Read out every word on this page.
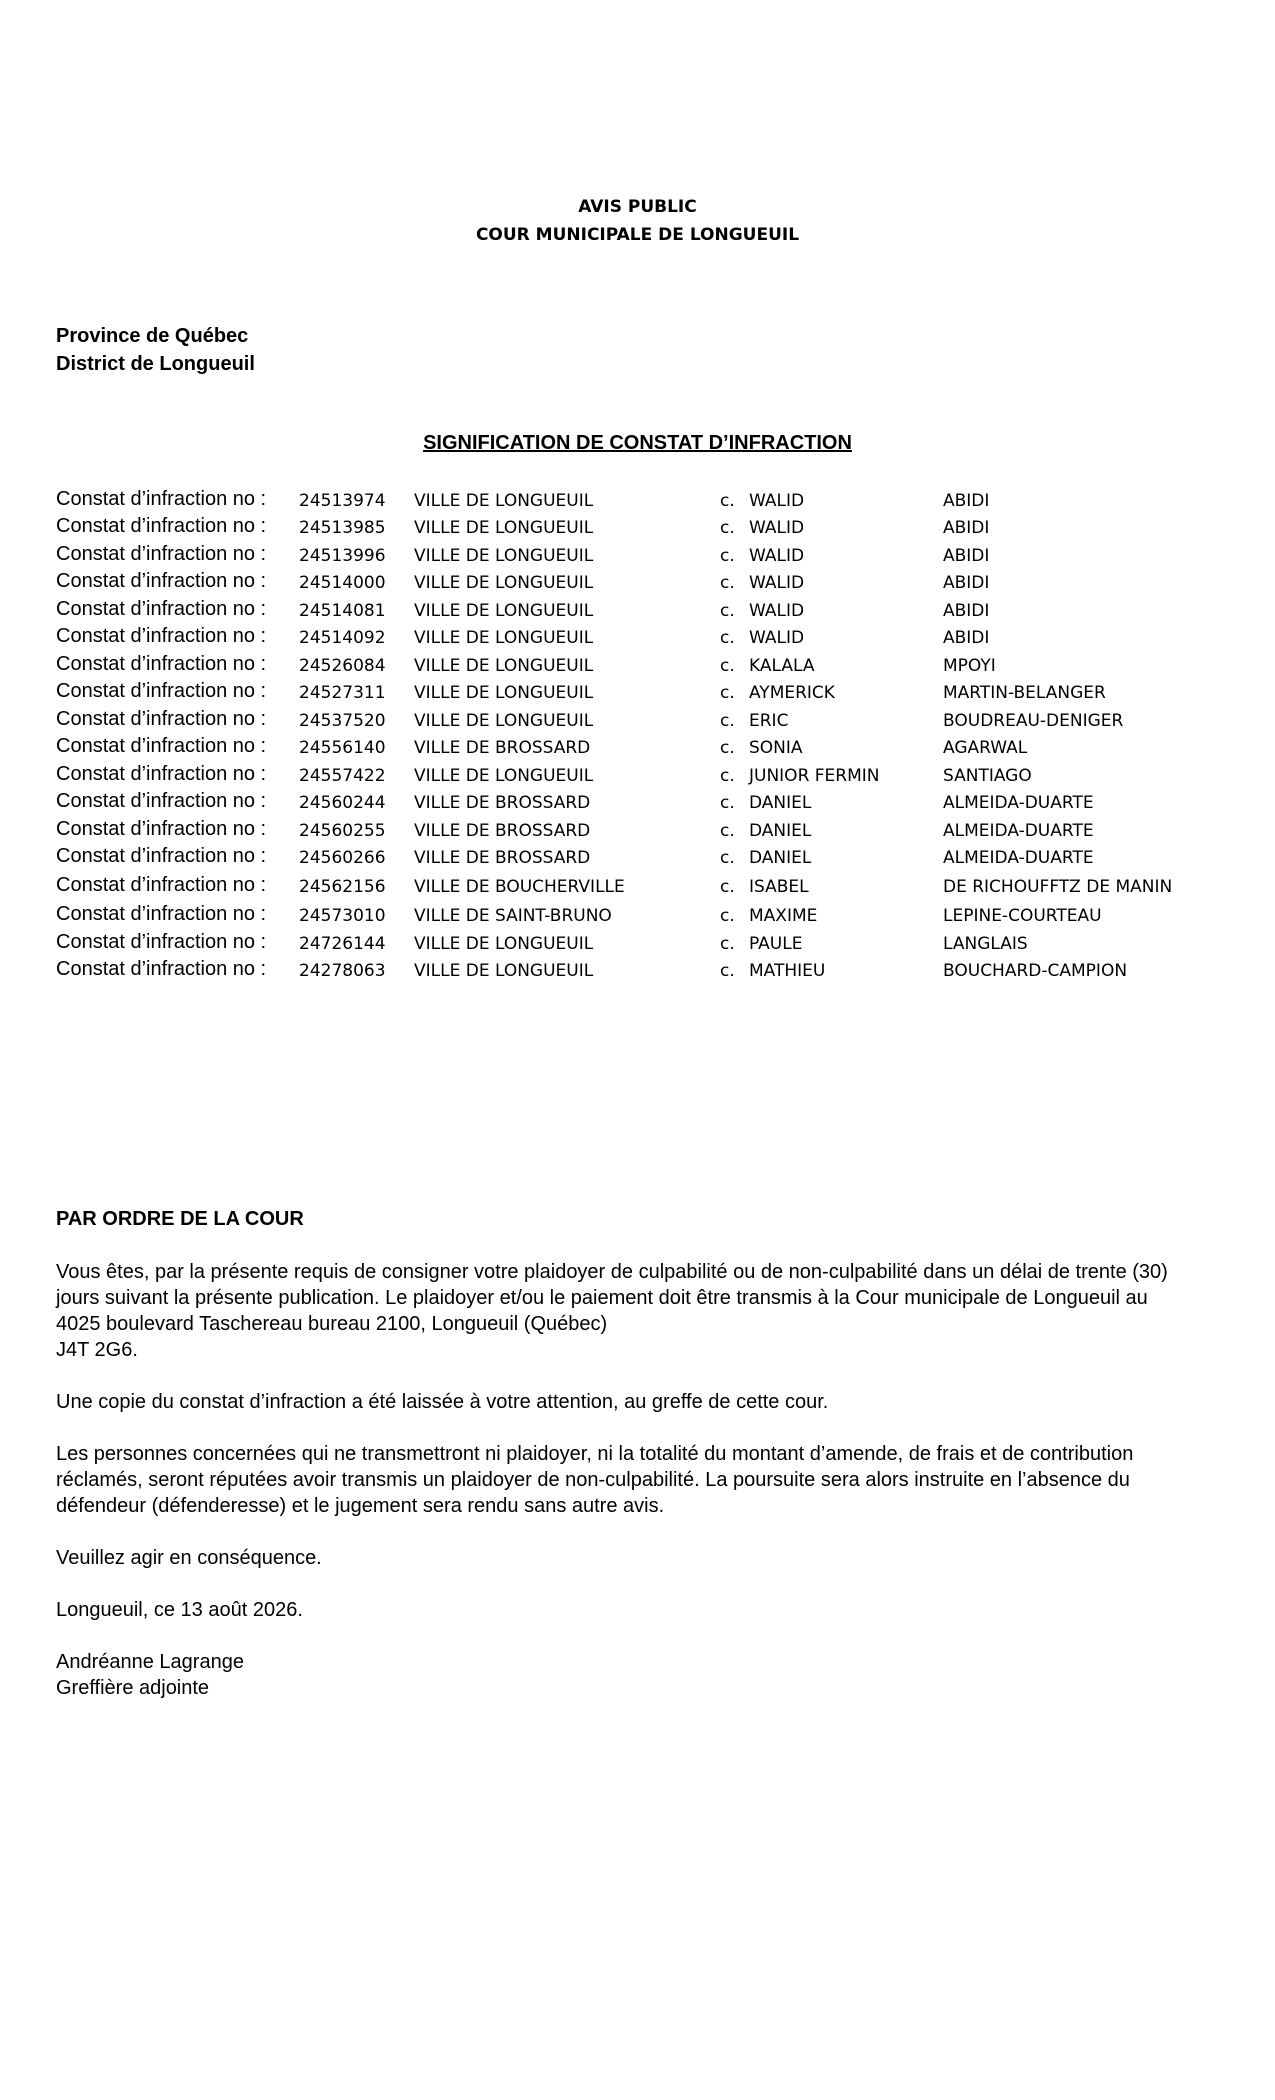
AVIS PUBLIC
COUR MUNICIPALE DE LONGUEUIL
Province de Québec
District de Longueuil
SIGNIFICATION DE CONSTAT D’INFRACTION
Constat d’infraction no : 24513974 VILLE DE LONGUEUIL	c. WALID	ABIDI
Constat d’infraction no : 24513985 VILLE DE LONGUEUIL	c. WALID	ABIDI
Constat d’infraction no : 24513996 VILLE DE LONGUEUIL	c. WALID	ABIDI
Constat d’infraction no : 24514000 VILLE DE LONGUEUIL	c. WALID	ABIDI
Constat d’infraction no : 24514081 VILLE DE LONGUEUIL	c. WALID	ABIDI
Constat d’infraction no : 24514092 VILLE DE LONGUEUIL	c. WALID	ABIDI
Constat d’infraction no : 24526084 VILLE DE LONGUEUIL	c. KALALA	MPOYI
Constat d’infraction no : 24527311 VILLE DE LONGUEUIL	c. AYMERICK	MARTIN-BELANGER
Constat d’infraction no : 24537520 VILLE DE LONGUEUIL	c. ERIC	BOUDREAU-DENIGER
Constat d’infraction no : 24556140 VILLE DE BROSSARD	c. SONIA	AGARWAL
Constat d’infraction no : 24557422 VILLE DE LONGUEUIL	c. JUNIOR FERMIN	SANTIAGO
Constat d’infraction no : 24560244 VILLE DE BROSSARD	c. DANIEL	ALMEIDA-DUARTE
Constat d’infraction no : 24560255 VILLE DE BROSSARD	c. DANIEL	ALMEIDA-DUARTE
Constat d’infraction no : 24560266 VILLE DE BROSSARD	c. DANIEL	ALMEIDA-DUARTE
Constat d’infraction no : 24562156 VILLE DE BOUCHERVILLE	c. ISABEL	DE RICHOUFFTZ DE MANIN
Constat d’infraction no : 24573010 VILLE DE SAINT-BRUNO	c. MAXIME	LEPINE-COURTEAU
Constat d’infraction no : 24726144 VILLE DE LONGUEUIL	c. PAULE	LANGLAIS
Constat d’infraction no : 24278063 VILLE DE LONGUEUIL	c. MATHIEU	BOUCHARD-CAMPION
PAR ORDRE DE LA COUR
Vous êtes, par la présente requis de consigner votre plaidoyer de culpabilité ou de non-culpabilité dans un délai de trente (30)
jours suivant la présente publication. Le plaidoyer et/ou le paiement doit être transmis à la Cour municipale de Longueuil au
4025 boulevard Taschereau bureau 2100, Longueuil (Québec)
J4T 2G6.
Une copie du constat d’infraction a été laissée à votre attention, au greffe de cette cour.
Les personnes concernées qui ne transmettront ni plaidoyer, ni la totalité du montant d’amende, de frais et de contribution
réclamés, seront réputées avoir transmis un plaidoyer de non-culpabilité. La poursuite sera alors instruite en l’absence du
défendeur (défenderesse) et le jugement sera rendu sans autre avis.
Veuillez agir en conséquence.
Longueuil, ce 13 août 2026.
Andréanne Lagrange
Greffière adjointe
